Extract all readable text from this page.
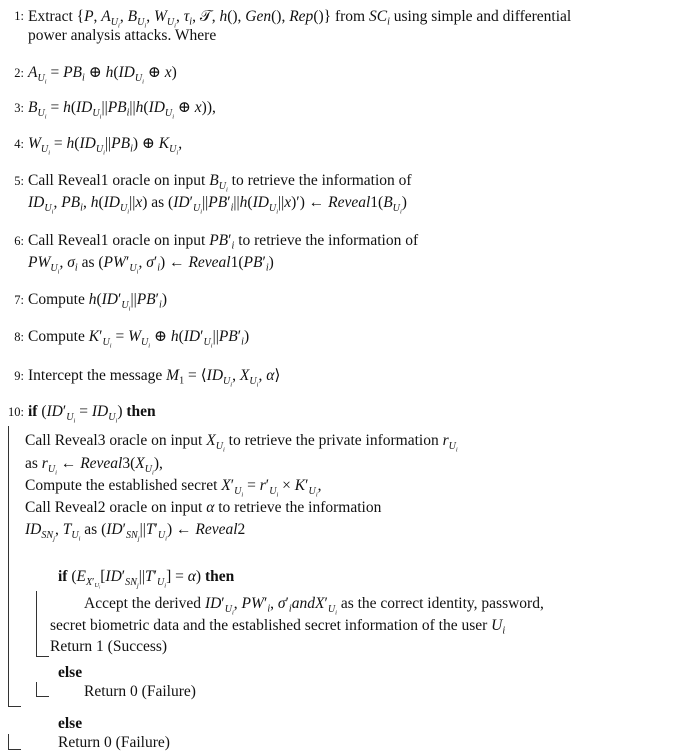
1: Extract {P, $A_{U_i}$, $B_{U_i}$, $W_{U_i}$, $\tau_i$, 𝒯, h(), Gen(), Rep()} from $SC_i$ using simple and differential
power analysis attacks. Where
2: $A_{U_i} = PB_i$ ⊕ $h(ID_{U_i}$ ⊕ x)
3: $B_{U_i} = h(ID_{U_i}||PB_i||h(ID_{U_i}$ ⊕ x)),
4: $W_{U_i} = h(ID_{U_i}||PB_i)$ ⊕ $K_{U_i}$,
5: Call Reveal1 oracle on input $B_{U_i}$ to retrieve the information of
$ID_{U_i}$, $PB_i$, $h(ID_{U_i}||x)$ as $(ID'_{U_i}||PB'_i||h(ID_{U_i}||x)')$ ← $Reveal1(B_{U_i})$
6: Call Reveal1 oracle on input $PB'_i$ to retrieve the information of
$PW_{U_i}$, $\sigma_i$ as ($PW'_{U_i}$, $\sigma'_i$) ← $Reveal1(PB'_i)$
7: Compute $h(ID'_{U_i}||PB'_i)$
8: Compute $K'_{U_i} = W_{U_i}$ ⊕ $h(ID'_{U_i}||PB'_i)$
9: Intercept the message $M_1$ = $⟨ID_{U_i}$, $X_{U_i}$, α⟩
10: if $(ID'_{U_i} = ID_{U_i})$ then
Call Reveal3 oracle on input $X_{U_i}$ to retrieve the private information $r_{U_i}$
as $r_{U_i}$ ← $Reveal3(X_{U_i})$,
Compute the established secret $X'_{U_i} = r'_{U_i} \times K'_{U_i}$,
Call Reveal2 oracle on input α to retrieve the information
$ID_{SN_j}$, $T_{U_i}$ as $(ID'_{SN_j}||T'_{U_i})$ ← Reveal2
if $(E_{X'_{U_i}}[ID'_{SN_j}||T'_{U_i}] = \alpha)$ then
Accept the derived $ID'_{U_i}$, $PW'_i$, $\sigma'_iandX'_{U_i}$ as the correct identity, password,
secret biometric data and the established secret information of the user $U_i$
Return 1 (Success)
else
Return 0 (Failure)
else
Return 0 (Failure)
